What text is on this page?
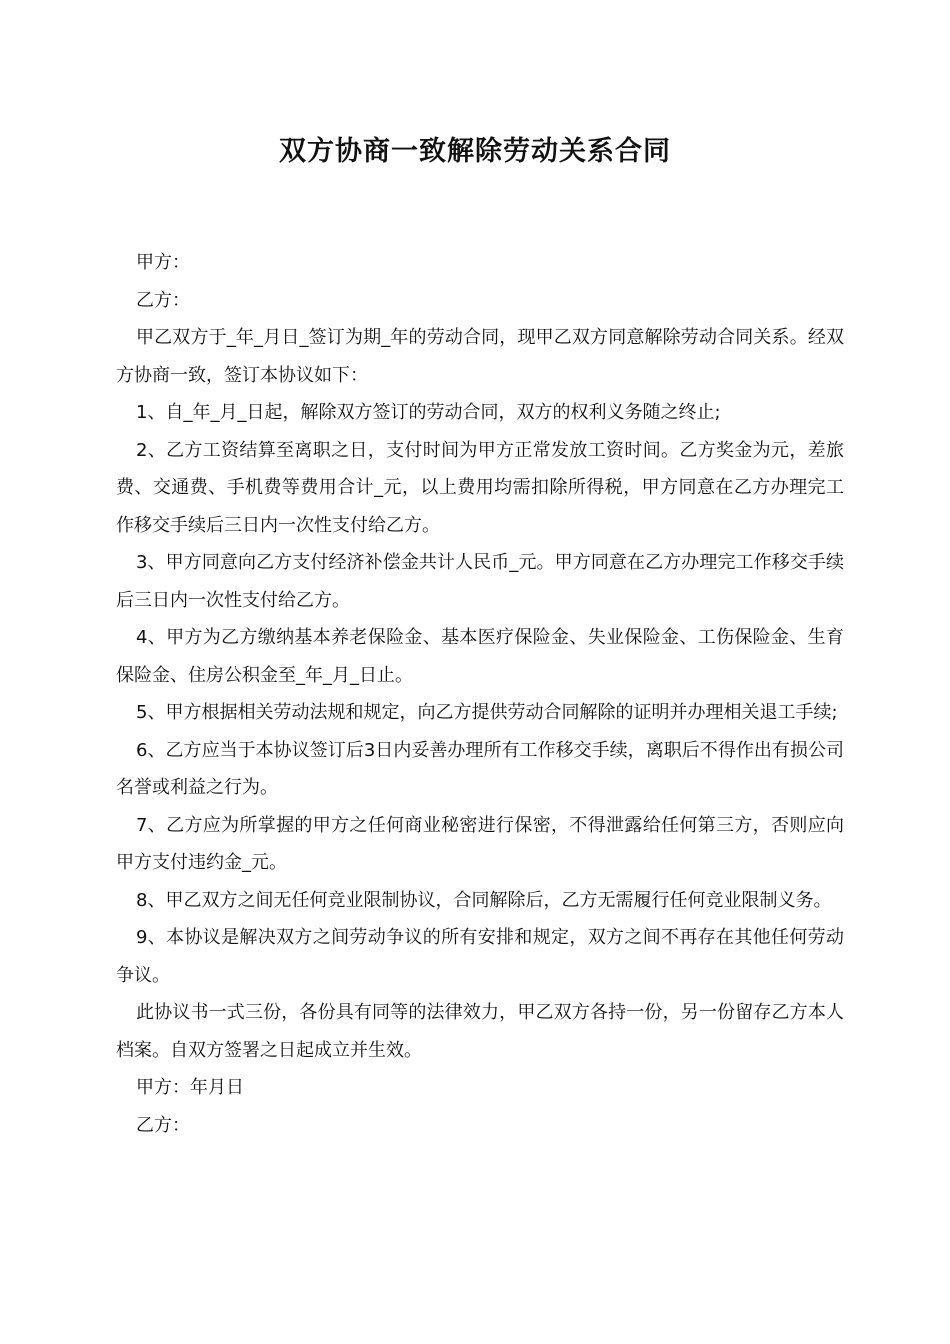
双方协商一致解除劳动关系合同

甲方：

乙方：

甲乙双方于_年_月日_签订为期_年的劳动合同，现甲乙双方同意解除劳动合同关系。经双方协商一致，签订本协议如下：

1、自_年_月_日起，解除双方签订的劳动合同，双方的权利义务随之终止;

2、乙方工资结算至离职之日，支付时间为甲方正常发放工资时间。乙方奖金为元，差旅费、交通费、手机费等费用合计_元，以上费用均需扣除所得税，甲方同意在乙方办理完工作移交手续后三日内一次性支付给乙方。

3、甲方同意向乙方支付经济补偿金共计人民币_元。甲方同意在乙方办理完工作移交手续后三日内一次性支付给乙方。

4、甲方为乙方缴纳基本养老保险金、基本医疗保险金、失业保险金、工伤保险金、生育保险金、住房公积金至_年_月_日止。

5、甲方根据相关劳动法规和规定，向乙方提供劳动合同解除的证明并办理相关退工手续;

6、乙方应当于本协议签订后3日内妥善办理所有工作移交手续，离职后不得作出有损公司名誉或利益之行为。

7、乙方应为所掌握的甲方之任何商业秘密进行保密，不得泄露给任何第三方，否则应向甲方支付违约金_元。

8、甲乙双方之间无任何竞业限制协议，合同解除后，乙方无需履行任何竞业限制义务。

9、本协议是解决双方之间劳动争议的所有安排和规定，双方之间不再存在其他任何劳动争议。

此协议书一式三份，各份具有同等的法律效力，甲乙双方各持一份，另一份留存乙方本人档案。自双方签署之日起成立并生效。

甲方：年月日

乙方：
